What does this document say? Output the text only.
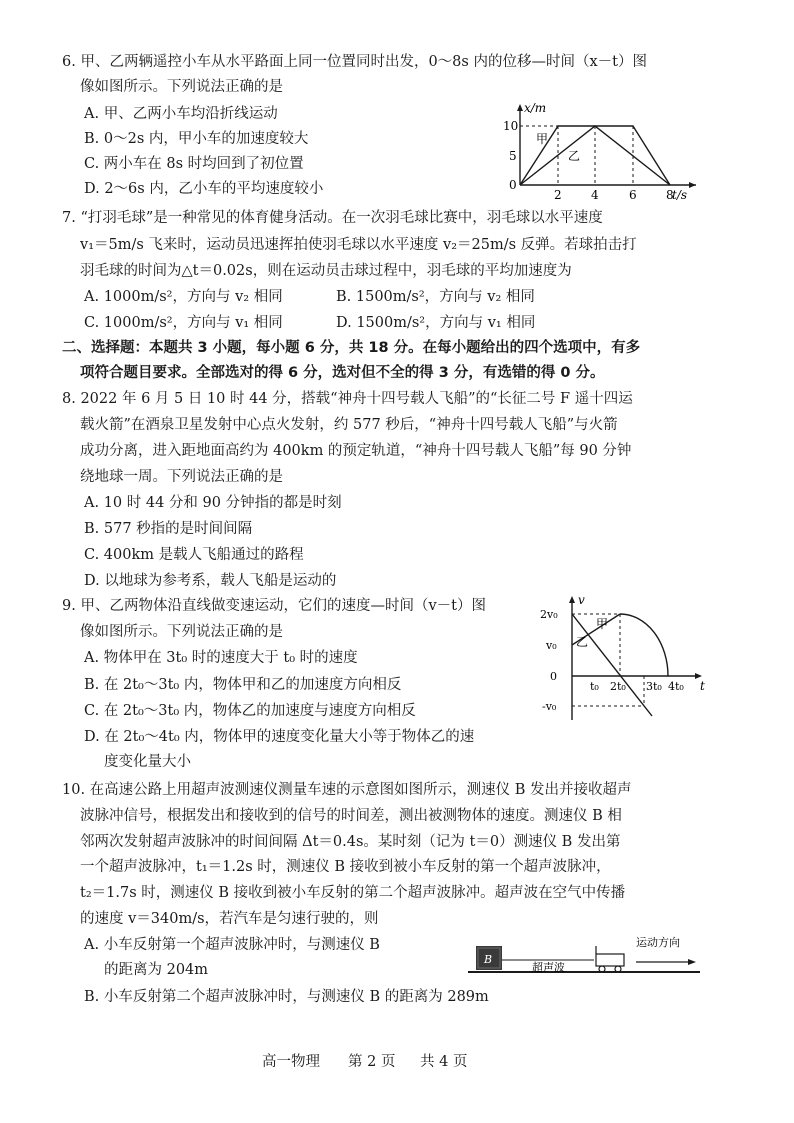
6. 甲、乙两辆遥控小车从水平路面上同一位置同时出发，0～8s 内的位移—时间（x－t）图
像如图所示。下列说法正确的是
A. 甲、乙两小车均沿折线运动
B. 0～2s 内，甲小车的加速度较大
C. 两小车在 8s 时均回到了初位置
D. 2～6s 内，乙小车的平均速度较小
x/m
t/s
10
5
0
2 4	6 8
甲
乙
7. “打羽毛球”是一种常见的体育健身活动。在一次羽毛球比赛中，羽毛球以水平速度
v₁＝5m/s 飞来时，运动员迅速挥拍使羽毛球以水平速度 v₂＝25m/s 反弹。若球拍击打
羽毛球的时间为△t＝0.02s，则在运动员击球过程中，羽毛球的平均加速度为
A. 1000m/s²，方向与 v₂ 相同	B. 1500m/s²，方向与 v₂ 相同
C. 1000m/s²，方向与 v₁ 相同	D. 1500m/s²，方向与 v₁ 相同
二、选择题：本题共 3 小题，每小题 6 分，共 18 分。在每小题给出的四个选项中，有多
项符合题目要求。全部选对的得 6 分，选对但不全的得 3 分，有选错的得 0 分。
8. 2022 年 6 月 5 日 10 时 44 分，搭载“神舟十四号载人飞船”的“长征二号 F 遥十四运
载火箭”在酒泉卫星发射中心点火发射，约 577 秒后，“神舟十四号载人飞船”与火箭
成功分离，进入距地面高约为 400km 的预定轨道，“神舟十四号载人飞船”每 90 分钟
绕地球一周。下列说法正确的是
A. 10 时 44 分和 90 分钟指的都是时刻
B. 577 秒指的是时间间隔
C. 400km 是载人飞船通过的路程
D. 以地球为参考系，载人飞船是运动的
9. 甲、乙两物体沿直线做变速运动，它们的速度—时间（v－t）图
像如图所示。下列说法正确的是
A. 物体甲在 3t₀ 时的速度大于 t₀ 时的速度
B. 在 2t₀～3t₀ 内，物体甲和乙的加速度方向相反
C. 在 2t₀～3t₀ 内，物体乙的加速度与速度方向相反
D. 在 2t₀～4t₀ 内，物体甲的速度变化量大小等于物体乙的速
度变化量大小
v
t
2v₀
v₀
0
-v₀
t₀ 2t₀ 3t₀ 4t₀
甲
乙
10. 在高速公路上用超声波测速仪测量车速的示意图如图所示，测速仪 B 发出并接收超声
波脉冲信号，根据发出和接收到的信号的时间差，测出被测物体的速度。测速仪 B 相
邻两次发射超声波脉冲的时间间隔 Δt＝0.4s。某时刻（记为 t＝0）测速仪 B 发出第
一个超声波脉冲，t₁＝1.2s 时，测速仪 B 接收到被小车反射的第一个超声波脉冲，
t₂＝1.7s 时，测速仪 B 接收到被小车反射的第二个超声波脉冲。超声波在空气中传播
的速度 v＝340m/s，若汽车是匀速行驶的，则
A. 小车反射第一个超声波脉冲时，与测速仪 B
的距离为 204m
B. 小车反射第二个超声波脉冲时，与测速仪 B 的距离为 289m
B
超声波
运动方向
高一物理 第 2 页 共 4 页
